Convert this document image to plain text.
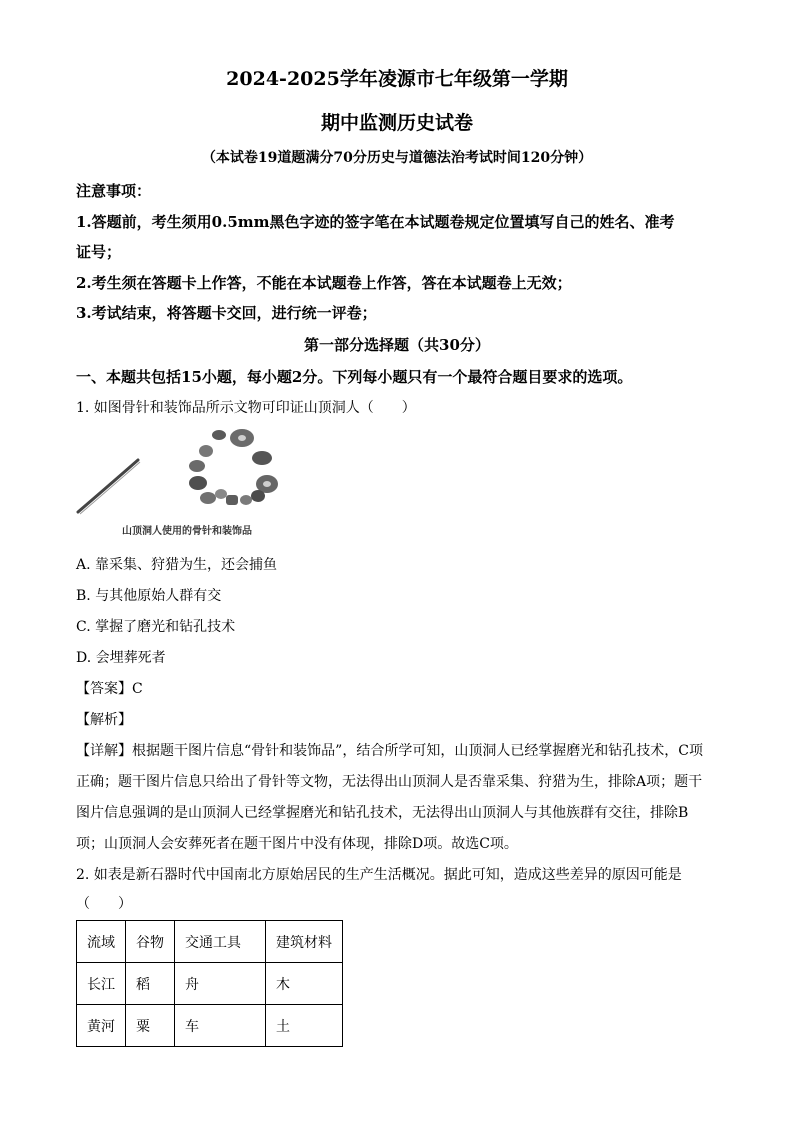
2024-2025学年凌源市七年级第一学期
期中监测历史试卷
（本试卷19道题满分70分历史与道德法治考试时间120分钟）
注意事项：
1.答题前，考生须用0.5mm黑色字迹的签字笔在本试题卷规定位置填写自己的姓名、准考
证号；
2.考生须在答题卡上作答，不能在本试题卷上作答，答在本试题卷上无效；
3.考试结束，将答题卡交回，进行统一评卷；
第一部分选择题（共30分）
一、本题共包括15小题，每小题2分。下列每小题只有一个最符合题目要求的选项。
1. 如图骨针和装饰品所示文物可印证山顶洞人（　　）
山顶洞人使用的骨针和装饰品
A. 靠采集、狩猎为生，还会捕鱼
B. 与其他原始人群有交
C. 掌握了磨光和钻孔技术
D. 会埋葬死者
【答案】C
【解析】
【详解】根据题干图片信息“骨针和装饰品”，结合所学可知，山顶洞人已经掌握磨光和钻孔技术，C项
正确；题干图片信息只给出了骨针等文物，无法得出山顶洞人是否靠采集、狩猎为生，排除A项；题干
图片信息强调的是山顶洞人已经掌握磨光和钻孔技术，无法得出山顶洞人与其他族群有交往，排除B
项；山顶洞人会安葬死者在题干图片中没有体现，排除D项。故选C项。
2. 如表是新石器时代中国南北方原始居民的生产生活概况。据此可知，造成这些差异的原因可能是
（　　）
流域	谷物	交通工具	建筑材料
长江	稻	舟	木
黄河	粟	车	土
